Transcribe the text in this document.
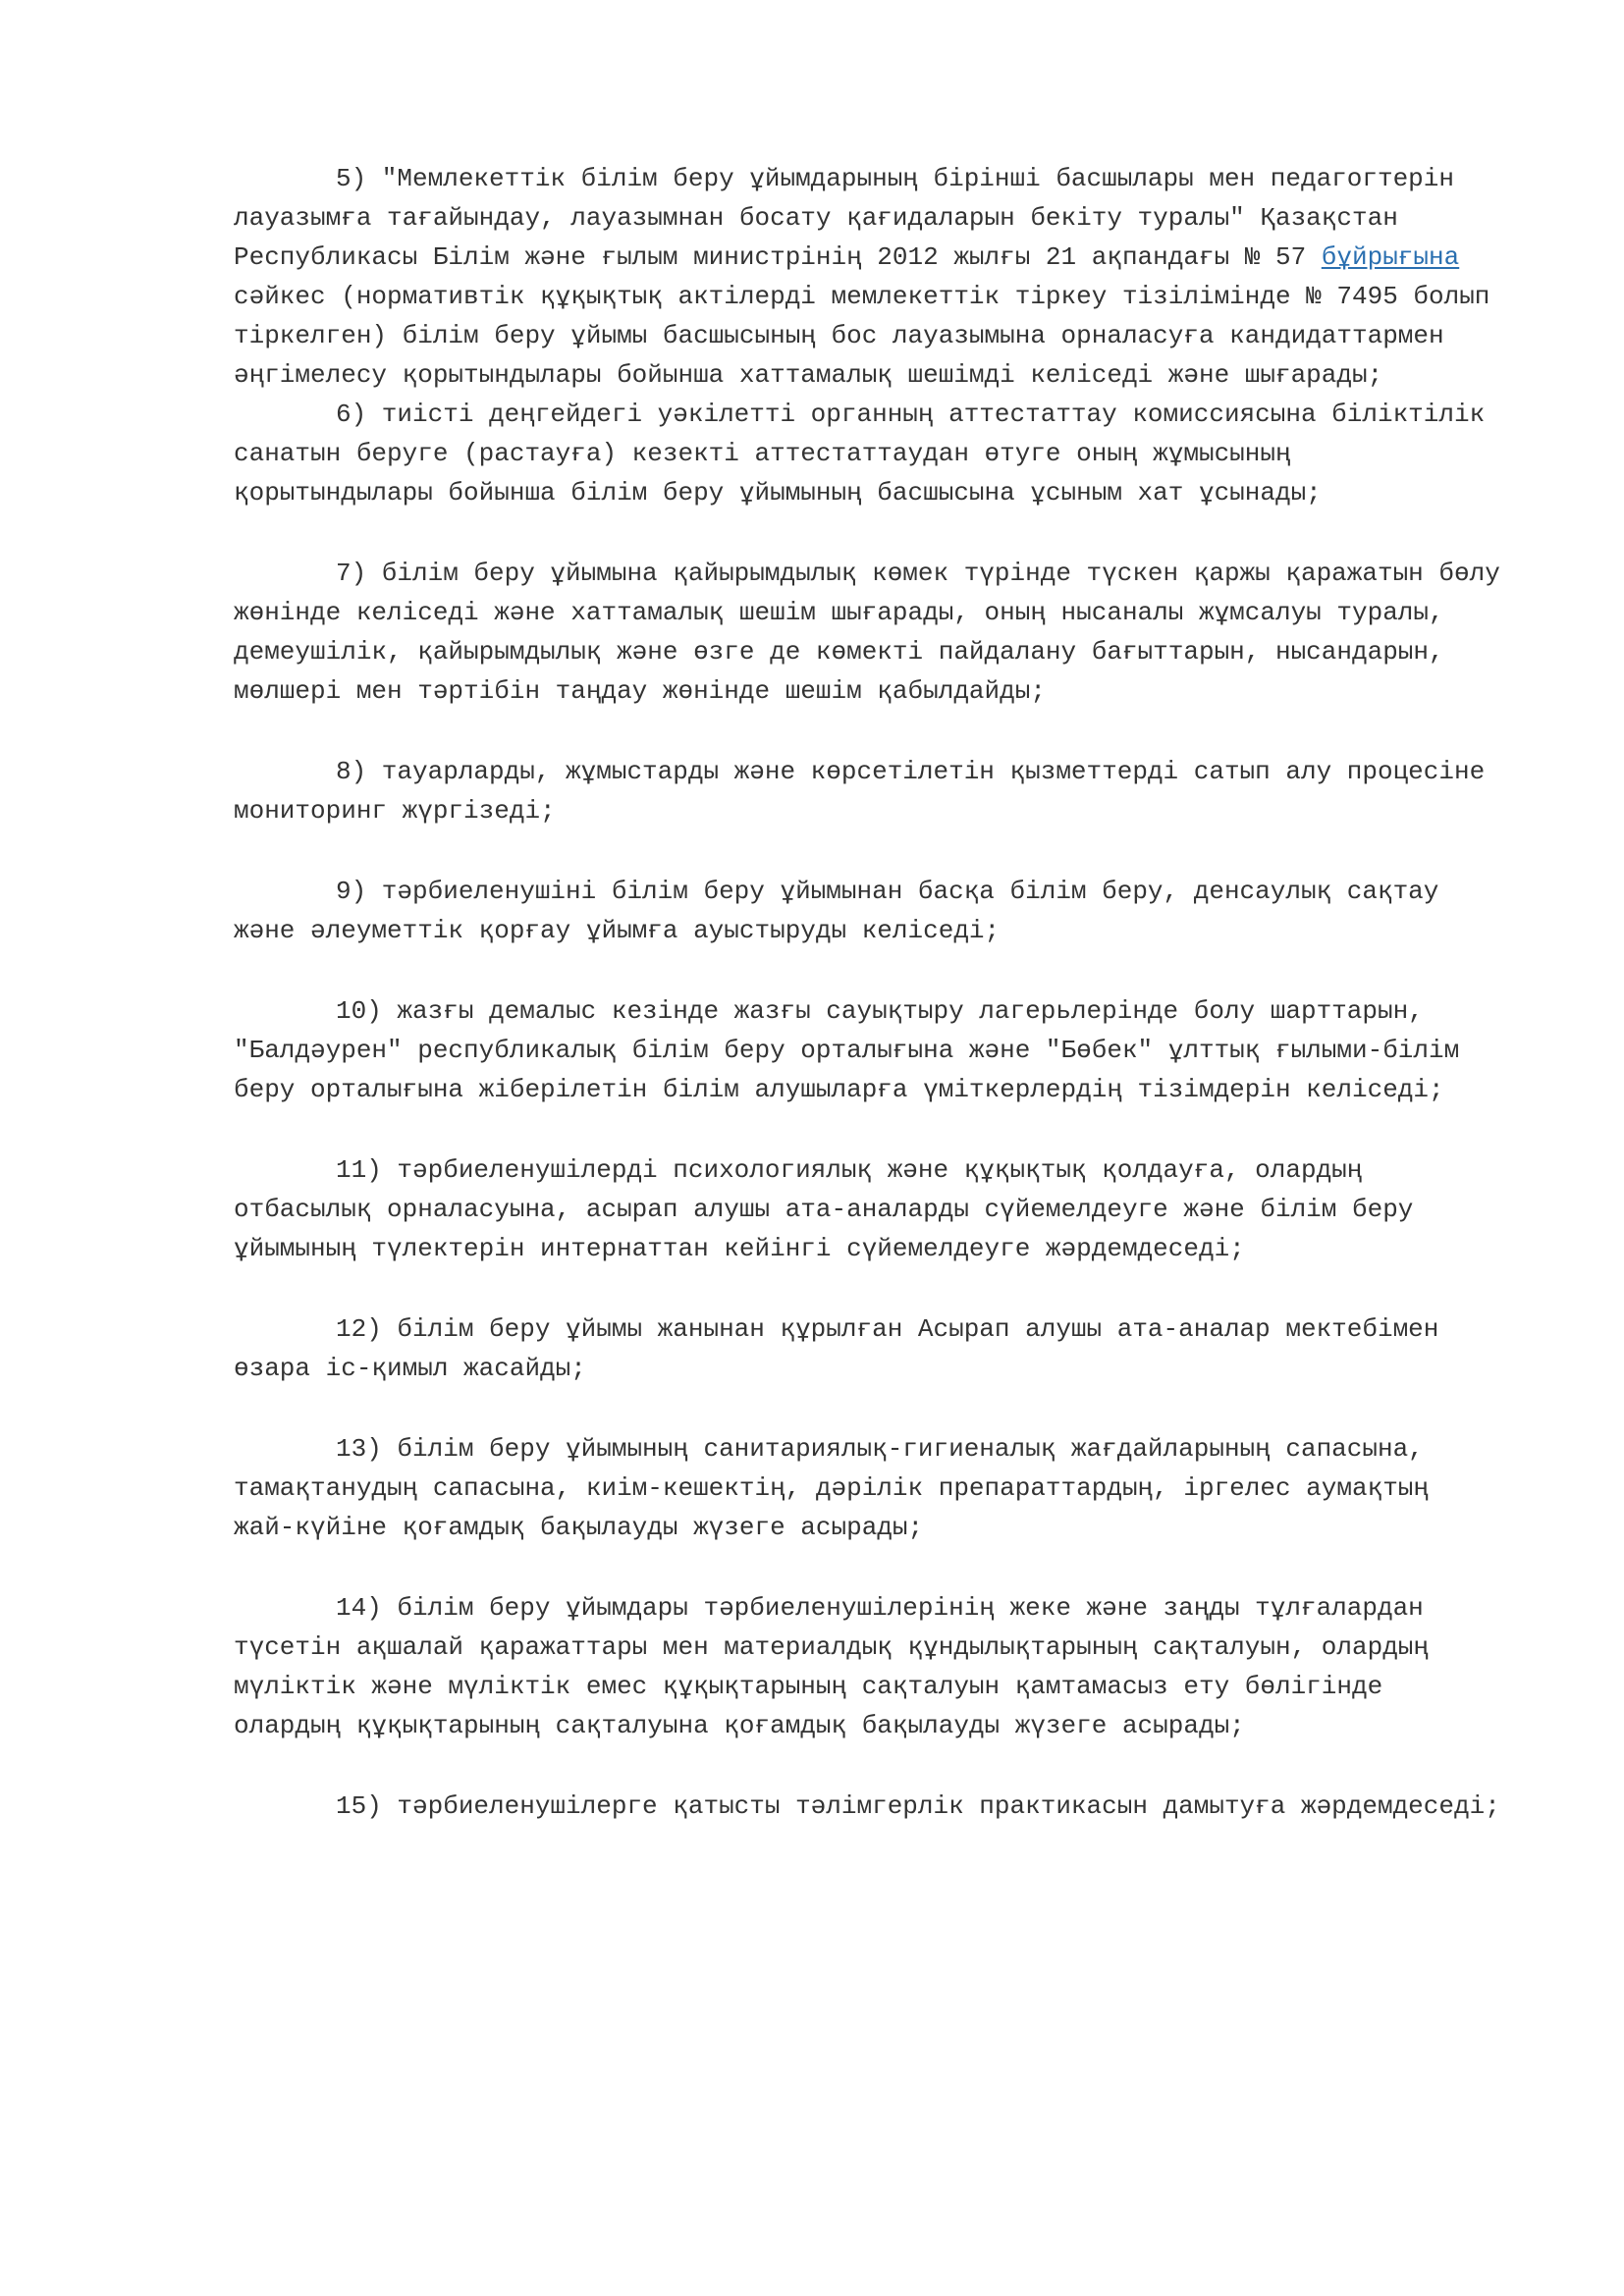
5) "Мемлекеттік білім беру ұйымдарының бірінші басшылары мен педагогтерін лауазымға тағайындау, лауазымнан босату қағидаларын бекіту туралы" Қазақстан Республикасы Білім және ғылым министрінің 2012 жылғы 21 ақпандағы № 57 бұйрығына сәйкес (нормативтік құқықтық актілерді мемлекеттік тіркеу тізілімінде № 7495 болып тіркелген) білім беру ұйымы басшысының бос лауазымына орналасуға кандидаттармен әңгімелесу қорытындылары бойынша хаттамалық шешімді келіседі және шығарады;

6) тиісті деңгейдегі уәкілетті органның аттестаттау комиссиясына біліктілік санатын беруге (растауға) кезекті аттестаттаудан өтуге оның жұмысының қорытындылары бойынша білім беру ұйымының басшысына ұсыным хат ұсынады;

7) білім беру ұйымына қайырымдылық көмек түрінде түскен қаржы қаражатын бөлу жөнінде келіседі және хаттамалық шешім шығарады, оның нысаналы жұмсалуы туралы, демеушілік, қайырымдылық және өзге де көмекті пайдалану бағыттарын, нысандарын, мөлшері мен тәртібін таңдау жөнінде шешім қабылдайды;

8) тауарларды, жұмыстарды және көрсетілетін қызметтерді сатып алу процесіне мониторинг жүргізеді;

9) тәрбиеленушіні білім беру ұйымынан басқа білім беру, денсаулық сақтау және әлеуметтік қорғау ұйымға ауыстыруды келіседі;

10) жазғы демалыс кезінде жазғы сауықтыру лагерьлерінде болу шарттарын, "Балдәурен" республикалық білім беру орталығына және "Бөбек" ұлттық ғылыми-білім беру орталығына жіберілетін білім алушыларға үміткерлердің тізімдерін келіседі;

11) тәрбиеленушілерді психологиялық және құқықтық қолдауға, олардың отбасылық орналасуына, асырап алушы ата-аналарды сүйемелдеуге және білім беру ұйымының түлектерін интернаттан кейінгі сүйемелдеуге жәрдемдеседі;

12) білім беру ұйымы жанынан құрылған Асырап алушы ата-аналар мектебімен өзара іс-қимыл жасайды;

13) білім беру ұйымының санитариялық-гигиеналық жағдайларының сапасына, тамақтанудың сапасына, киім-кешектің, дәрілік препараттардың, іргелес аумақтың жай-күйіне қоғамдық бақылауды жүзеге асырады;

14) білім беру ұйымдары тәрбиеленушілерінің жеке және заңды тұлғалардан түсетін ақшалай қаражаттары мен материалдық құндылықтарының сақталуын, олардың мүліктік және мүліктік емес құқықтарының сақталуын қамтамасыз ету бөлігінде олардың құқықтарының сақталуына қоғамдық бақылауды жүзеге асырады;

15) тәрбиеленушілерге қатысты тәлімгерлік практикасын дамытуға жәрдемдеседі;
